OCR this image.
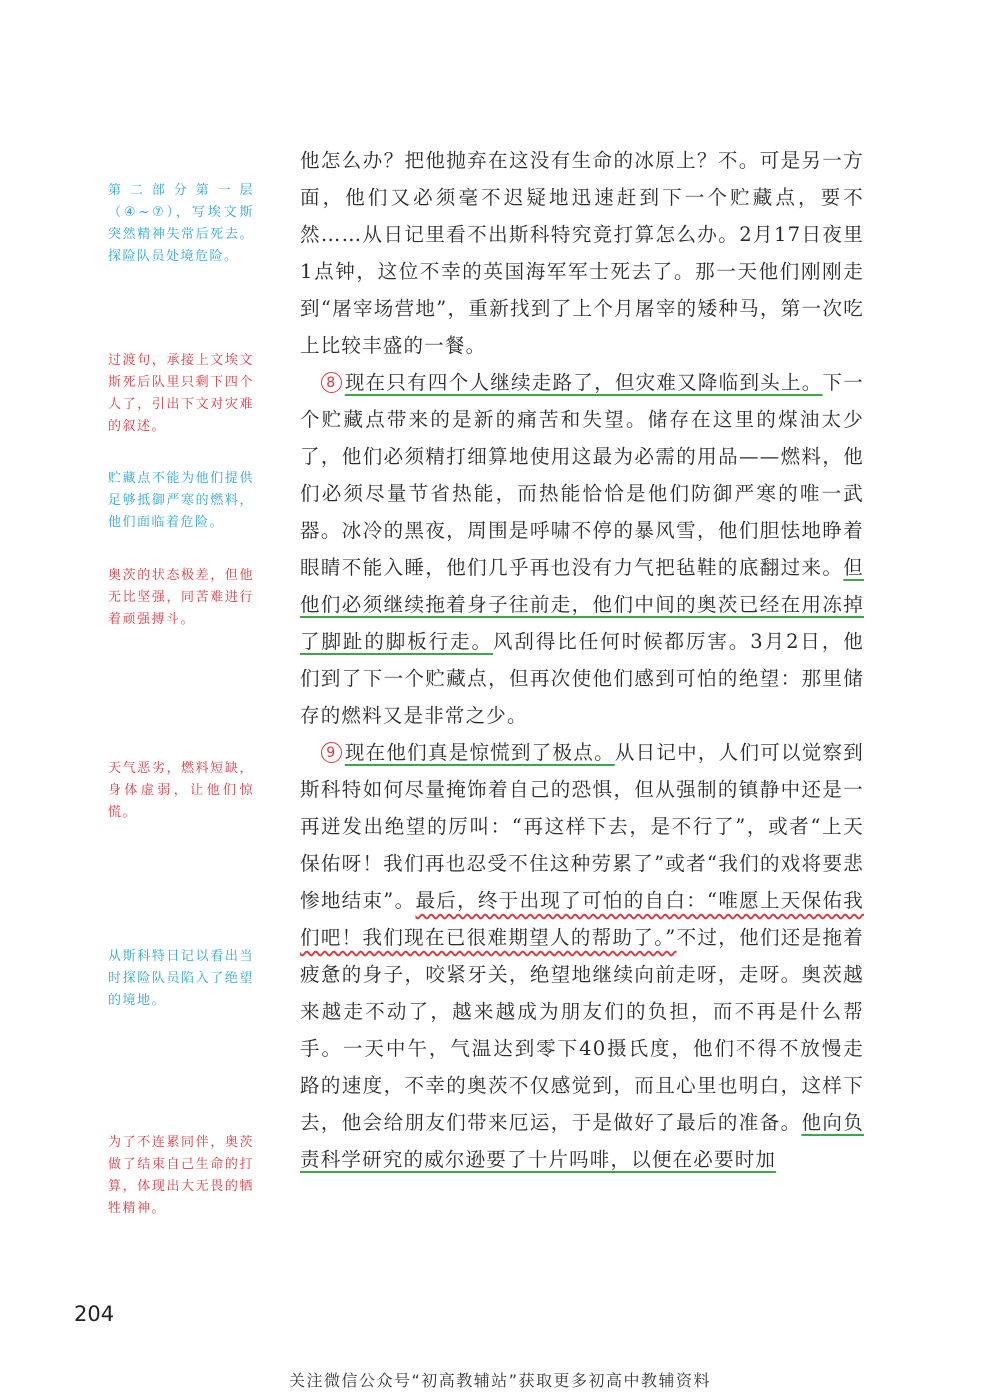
第二部分第一层（④~⑦），写埃文斯突然精神失常后死去。探险队员处境危险。

过渡句，承接上文埃文斯死后队里只剩下四个人了，引出下文对灾难的叙述。

贮藏点不能为他们提供足够抵御严寒的燃料，他们面临着危险。

奥茨的状态极差，但他无比坚强，同苦难进行着顽强搏斗。

天气恶劣，燃料短缺，身体虚弱，让他们惊慌。

从斯科特日记以看出当时探险队员陷入了绝望的境地。

为了不连累同伴，奥茨做了结束自己生命的打算，体现出大无畏的牺牲精神。

他怎么办？把他抛弃在这没有生命的冰原上？不。可是另一方面，他们又必须毫不迟疑地迅速赶到下一个贮藏点，要不然……从日记里看不出斯科特究竟打算怎么办。2月17日夜里1点钟，这位不幸的英国海军军士死去了。那一天他们刚刚走到“屠宰场营地”，重新找到了上个月屠宰的矮种马，第一次吃上比较丰盛的一餐。

　8 现在只有四个人继续走路了，但灾难又降临到头上。下一个贮藏点带来的是新的痛苦和失望。储存在这里的煤油太少了，他们必须精打细算地使用这最为必需的用品——燃料，他们必须尽量节省热能，而热能恰恰是他们防御严寒的唯一武器。冰冷的黑夜，周围是呼啸不停的暴风雪，他们胆怯地睁着眼睛不能入睡，他们几乎再也没有力气把毡鞋的底翻过来。但他们必须继续拖着身子往前走，他们中间的奥茨已经在用冻掉了脚趾的脚板行走。风刮得比任何时候都厉害。3月2日，他们到了下一个贮藏点，但再次使他们感到可怕的绝望：那里储存的燃料又是非常之少。

　9 现在他们真是惊慌到了极点。从日记中，人们可以觉察到斯科特如何尽量掩饰着自己的恐惧，但从强制的镇静中还是一再迸发出绝望的厉叫：“再这样下去，是不行了”，或者“上天保佑呀！我们再也忍受不住这种劳累了”或者“我们的戏将要悲惨地结束”。最后，终于出现了可怕的自白：“唯愿上天保佑我们吧！我们现在已很难期望人的帮助了。”不过，他们还是拖着疲惫的身子，咬紧牙关，绝望地继续向前走呀，走呀。奥茨越来越走不动了，越来越成为朋友们的负担，而不再是什么帮手。一天中午，气温达到零下40摄氏度，他们不得不放慢走路的速度，不幸的奥茨不仅感觉到，而且心里也明白，这样下去，他会给朋友们带来厄运，于是做好了最后的准备。他向负责科学研究的威尔逊要了十片吗啡，以便在必要时加

204
关注微信公众号“初高教辅站”获取更多初高中教辅资料
